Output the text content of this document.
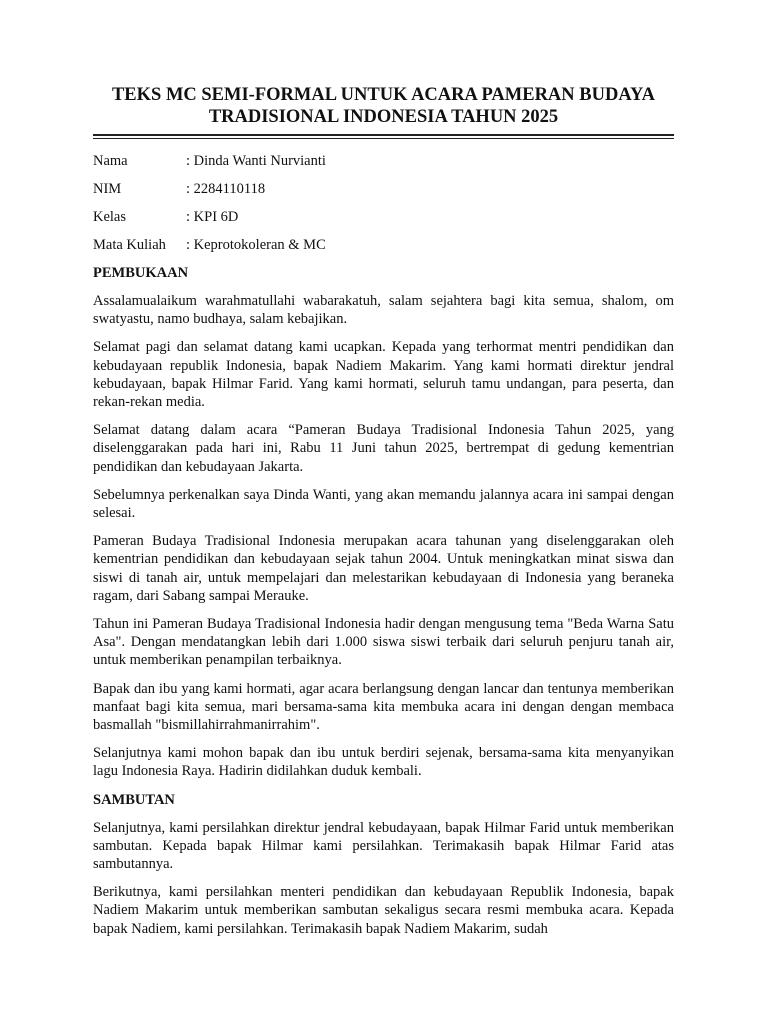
TEKS MC SEMI-FORMAL UNTUK ACARA PAMERAN BUDAYA
TRADISIONAL INDONESIA TAHUN 2025
Nama	: Dinda Wanti Nurvianti
NIM	: 2284110118
Kelas	: KPI 6D
Mata Kuliah	: Keprotokoleran & MC
PEMBUKAAN

Assalamualaikum warahmatullahi wabarakatuh, salam sejahtera bagi kita semua, shalom, om swatyastu, namo budhaya, salam kebajikan.

Selamat pagi dan selamat datang kami ucapkan. Kepada yang terhormat mentri pendidikan dan kebudayaan republik Indonesia, bapak Nadiem Makarim. Yang kami hormati direktur jendral kebudayaan, bapak Hilmar Farid. Yang kami hormati, seluruh tamu undangan, para peserta, dan rekan-rekan media.

Selamat datang dalam acara “Pameran Budaya Tradisional Indonesia Tahun 2025, yang diselenggarakan pada hari ini, Rabu 11 Juni tahun 2025, bertrempat di gedung kementrian pendidikan dan kebudayaan Jakarta.

Sebelumnya perkenalkan saya Dinda Wanti, yang akan memandu jalannya acara ini sampai dengan selesai.

Pameran Budaya Tradisional Indonesia merupakan acara tahunan yang diselenggarakan oleh kementrian pendidikan dan kebudayaan sejak tahun 2004. Untuk meningkatkan minat siswa dan siswi di tanah air, untuk mempelajari dan melestarikan kebudayaan di Indonesia yang beraneka ragam, dari Sabang sampai Merauke.

Tahun ini Pameran Budaya Tradisional Indonesia hadir dengan mengusung tema "Beda Warna Satu Asa". Dengan mendatangkan lebih dari 1.000 siswa siswi terbaik dari seluruh penjuru tanah air, untuk memberikan penampilan terbaiknya.

Bapak dan ibu yang kami hormati, agar acara berlangsung dengan lancar dan tentunya memberikan manfaat bagi kita semua, mari bersama-sama kita membuka acara ini dengan dengan membaca basmallah "bismillahirrahmanirrahim".

Selanjutnya kami mohon bapak dan ibu untuk berdiri sejenak, bersama-sama kita menyanyikan lagu Indonesia Raya. Hadirin didilahkan duduk kembali.

SAMBUTAN

Selanjutnya, kami persilahkan direktur jendral kebudayaan, bapak Hilmar Farid untuk memberikan sambutan. Kepada bapak Hilmar kami persilahkan. Terimakasih bapak Hilmar Farid atas sambutannya.

Berikutnya, kami persilahkan menteri pendidikan dan kebudayaan Republik Indonesia, bapak Nadiem Makarim untuk memberikan sambutan sekaligus secara resmi membuka acara. Kepada bapak Nadiem, kami persilahkan. Terimakasih bapak Nadiem Makarim, sudah
